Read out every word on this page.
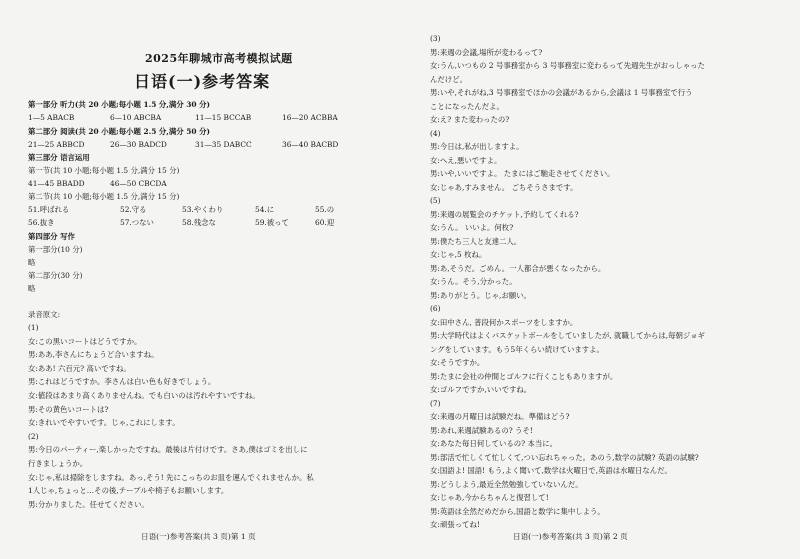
2025年聊城市高考模拟试题
日语(一)参考答案
第一部分 听力(共 20 小题;每小题 1.5 分,满分 30 分)
1—5 ABACB	6—10 ABCBA	11—15 BCCAB	16—20 ACBBA
第二部分 阅读(共 20 小题;每小题 2.5 分,满分 50 分)
21—25 ABBCD	26—30 BADCD	31—35 DABCC	36—40 BACBD
第三部分 语言运用
第一节(共 10 小题;每小题 1.5 分,满分 15 分)
41—45 BBADD	46—50 CBCDA
第二节(共 10 小题;每小题 1.5 分,满分 15 分)
51.呼ばれる	52.守る	53.やくわり	54.に	55.の
56.抜き	57.つない	58.残念な	59.被って	60.迎
第四部分 写作
第一部分(10 分)
略
第二部分(30 分)
略
录音原文:
(1)
女:この黒いコートはどうですか。
男:ああ,李さんにちょうど合いますね。
女:ああ! 六百元? 高いですね。
男:これはどうですか。李さんは白い色も好きでしょう。
女:値段はあまり高くありませんね。でも白いのは汚れやすいですね。
男:その黄色いコートは?
女:きれいでやすいです。じゃ,これにします。
(2)
男:今日のパーティー,楽しかったですね。最後は片付けです。さあ,僕はゴミを出しに
行きましょうか。
女:じゃ,私は掃除をしますね。あっ,そう! 先にこっちのお皿を運んでくれませんか。私
1人じゃ,ちょっと…その後,テーブルや椅子もお願いします。
男:分かりました。任せてください。
日语(一)参考答案(共 3 页)第 1 页
(3)
男:来週の会議,場所が変わるって?
女:うん,いつもの 2 号事務室から 3 号事務室に変わるって先週先生がおっしゃった
んだけど。
男:いや,それがね,3 号事務室でほかの会議があるから,会議は 1 号事務室で行う
ことになったんだよ。
女:え? また変わったの?
(4)
男:今日は,私が出しますよ。
女:へえ,悪いですよ。
男:いや,いいですよ。 たまにはご馳走させてください。
女:じゃあ,すみません。 ごちそうさまです。
(5)
男:来週の展覧会のチケット,予約してくれる?
女:うん。 いいよ。何枚?
男:僕たち三人と友達二人。
女:じゃ,5 枚ね。
男:あ,そうだ。ごめん。一人都合が悪くなったから。
女:うん。そう,分かった。
男:ありがとう。じゃ,お願い。
(6)
女:田中さん, 普段何かスポーツをしますか。
男:大学時代はよくバスケットボールをしていましたが, 就職してからは,毎朝ジョギ
ングをしています。もう5年くらい続けていますよ。
女:そうですか。
男:たまに会社の仲間とゴルフに行くこともありますが。
女:ゴルフですか,いいですね。
(7)
女:来週の月曜日は試験だね。準備はどう?
男:あれ,来週試験あるの? うそ!
女:あなた毎日何しているの? 本当に。
男:部活で忙しくて忙しくて,つい忘れちゃった。あのう,数学の試験? 英語の試験?
女:国語よ! 国語! もう,よく聞いて,数学は火曜日で,英語は水曜日なんだ。
男:どうしよう,最近全然勉強していないんだ。
女:じゃあ,今からちゃんと復習して!
男:英語は全然だめだから,国語と数学に集中しよう。
女:頑張ってね!
日语(一)参考答案(共 3 页)第 2 页
